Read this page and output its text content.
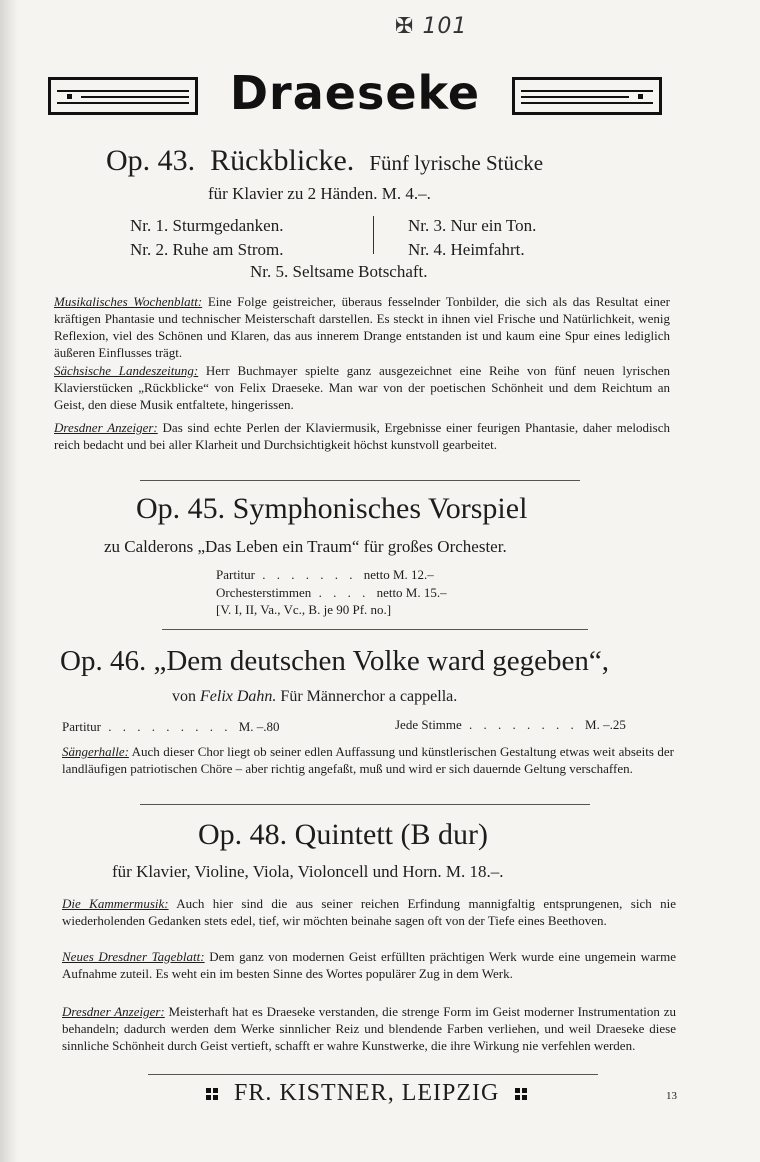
✠ 101
Draeseke
Op. 43. Rückblicke. Fünf lyrische Stücke
für Klavier zu 2 Händen. M. 4.–.
Nr. 1. Sturmgedanken.
Nr. 2. Ruhe am Strom.
Nr. 3. Nur ein Ton.
Nr. 4. Heimfahrt.
Nr. 5. Seltsame Botschaft.
Musikalisches Wochenblatt: Eine Folge geistreicher, überaus fesselnder Tonbilder, die sich als das Resultat einer kräftigen Phantasie und technischer Meisterschaft darstellen. Es steckt in ihnen viel Frische und Natürlichkeit, wenig Reflexion, viel des Schönen und Klaren, das aus innerem Drange entstanden ist und kaum eine Spur eines lediglich äußeren Einflusses trägt.
Sächsische Landeszeitung: Herr Buchmayer spielte ganz ausgezeichnet eine Reihe von fünf neuen lyrischen Klavierstücken „Rückblicke“ von Felix Draeseke. Man war von der poetischen Schönheit und dem Reichtum an Geist, den diese Musik entfaltete, hingerissen.
Dresdner Anzeiger: Das sind echte Perlen der Klaviermusik, Ergebnisse einer feurigen Phantasie, daher melodisch reich bedacht und bei aller Klarheit und Durchsichtigkeit höchst kunstvoll gearbeitet.
Op. 45. Symphonisches Vorspiel
zu Calderons „Das Leben ein Traum“ für großes Orchester.
Partitur . . . . . . . netto M. 12.–
Orchesterstimmen . . . . netto M. 15.–
[V. I, II, Va., Vc., B. je 90 Pf. no.]
Op. 46. „Dem deutschen Volke ward gegeben“,
von Felix Dahn. Für Männerchor a cappella.
Partitur . . . . . . . . . M. –.80	Jede Stimme . . . . . . . . M. –.25
Sängerhalle: Auch dieser Chor liegt ob seiner edlen Auffassung und künstlerischen Gestaltung etwas weit abseits der landläufigen patriotischen Chöre – aber richtig angefaßt, muß und wird er sich dauernde Geltung verschaffen.
Op. 48. Quintett (B dur)
für Klavier, Violine, Viola, Violoncell und Horn. M. 18.–.
Die Kammermusik: Auch hier sind die aus seiner reichen Erfindung mannigfaltig entsprungenen, sich nie wiederholenden Gedanken stets edel, tief, wir möchten beinahe sagen oft von der Tiefe eines Beethoven.
Neues Dresdner Tageblatt: Dem ganz von modernen Geist erfüllten prächtigen Werk wurde eine ungemein warme Aufnahme zuteil. Es weht ein im besten Sinne des Wortes populärer Zug in dem Werk.
Dresdner Anzeiger: Meisterhaft hat es Draeseke verstanden, die strenge Form im Geist moderner Instrumentation zu behandeln; dadurch werden dem Werke sinnlicher Reiz und blendende Farben verliehen, und weil Draeseke diese sinnliche Schönheit durch Geist vertieft, schafft er wahre Kunstwerke, die ihre Wirkung nie verfehlen werden.
FR. KISTNER, LEIPZIG	13
